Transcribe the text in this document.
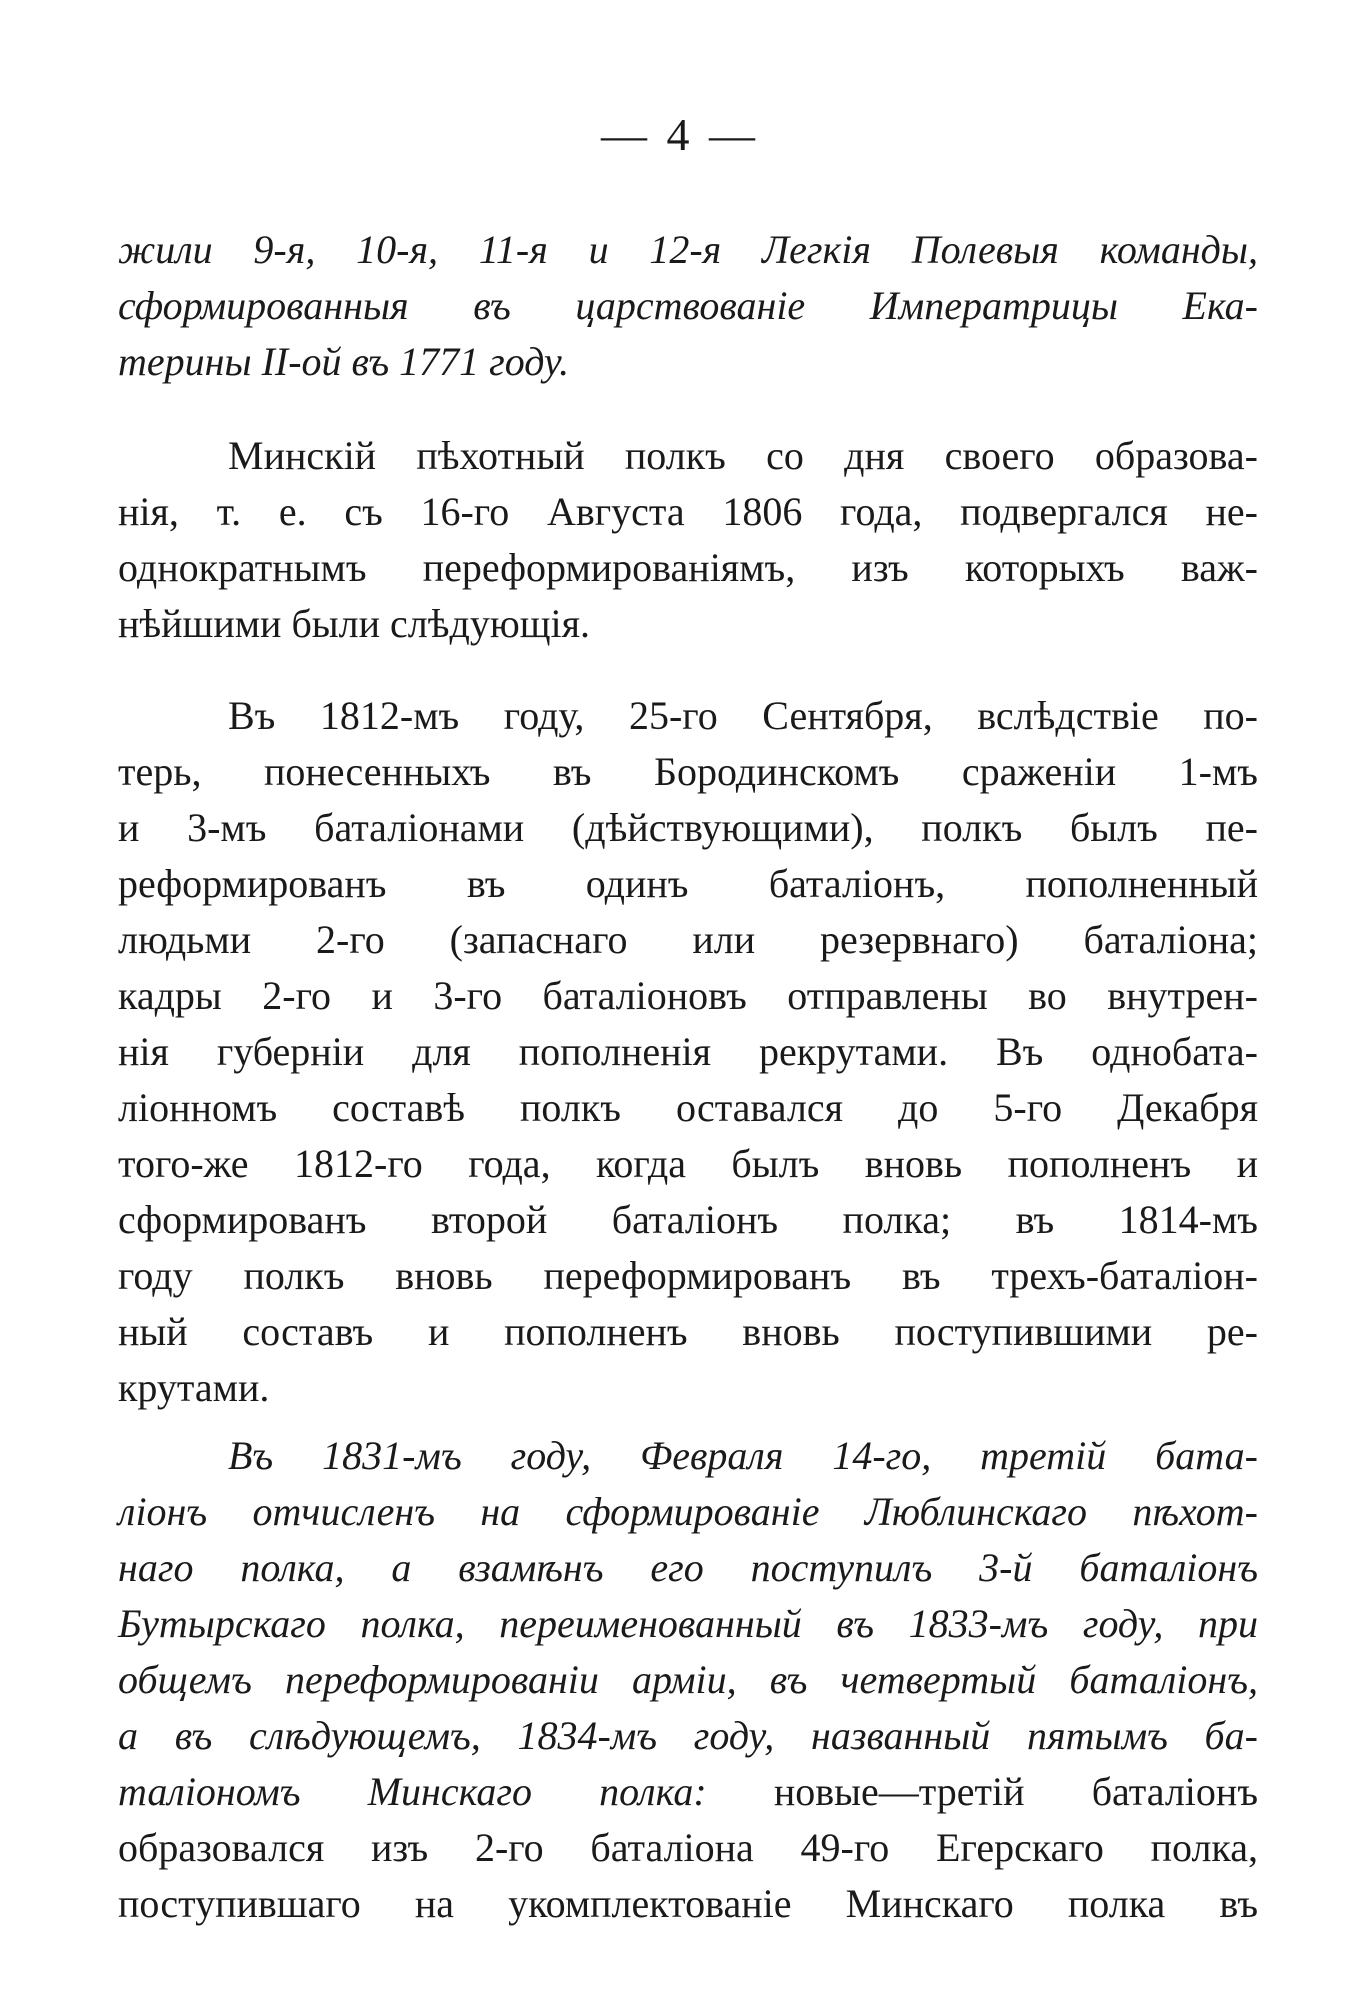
— 4 —
жили 9-я, 10-я, 11-я и 12-я Легкія Полевыя команды,
сформированныя въ царствованіе Императрицы Ека-
терины II-ой въ 1771 году.
Минскій пѣхотный полкъ со дня своего образова-
нія, т. е. съ 16-го Августа 1806 года, подвергался не-
однократнымъ переформированіямъ, изъ которыхъ важ-
нѣйшими были слѣдующія.
Въ 1812-мъ году, 25-го Сентября, вслѣдствіе по-
терь, понесенныхъ въ Бородинскомъ сраженіи 1-мъ
и 3-мъ баталіонами (дѣйствующими), полкъ былъ пе-
реформированъ въ одинъ баталіонъ, пополненный
людьми 2-го (запаснаго или резервнаго) баталіона;
кадры 2-го и 3-го баталіоновъ отправлены во внутрен-
нія губерніи для пополненія рекрутами. Въ однобата-
ліонномъ составѣ полкъ оставался до 5-го Декабря
того-же 1812-го года, когда былъ вновь пополненъ и
сформированъ второй баталіонъ полка; въ 1814-мъ
году полкъ вновь переформированъ въ трехъ-баталіон-
ный составъ и пополненъ вновь поступившими ре-
крутами.
Въ 1831-мъ году, Февраля 14-го, третій бата-
ліонъ отчисленъ на сформированіе Люблинскаго пѣхот-
наго полка, а взамѣнъ его поступилъ 3-й баталіонъ
Бутырскаго полка, переименованный въ 1833-мъ году, при
общемъ переформированіи арміи, въ четвертый баталіонъ,
а въ слѣдующемъ, 1834-мъ году, названный пятымъ ба-
таліономъ Минскаго полка: новые—третій баталіонъ
образовался изъ 2-го баталіона 49-го Егерскаго полка,
поступившаго на укомплектованіе Минскаго полка въ
